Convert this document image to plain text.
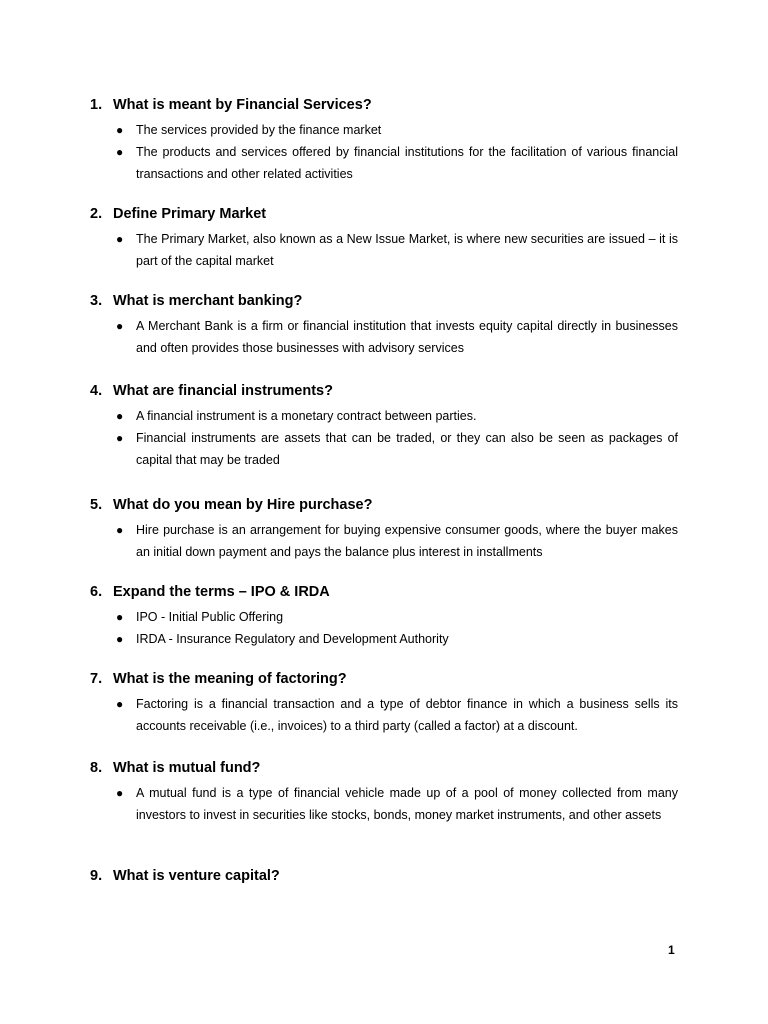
1. What is meant by Financial Services?
● The services provided by the finance market
● The products and services offered by financial institutions for the facilitation of various financial transactions and other related activities
2. Define Primary Market
● The Primary Market, also known as a New Issue Market, is where new securities are issued – it is part of the capital market
3. What is merchant banking?
● A Merchant Bank is a firm or financial institution that invests equity capital directly in businesses and often provides those businesses with advisory services
4. What are financial instruments?
● A financial instrument is a monetary contract between parties.
● Financial instruments are assets that can be traded, or they can also be seen as packages of capital that may be traded
5. What do you mean by Hire purchase?
● Hire purchase is an arrangement for buying expensive consumer goods, where the buyer makes an initial down payment and pays the balance plus interest in installments
6. Expand the terms – IPO & IRDA
● IPO - Initial Public Offering
● IRDA - Insurance Regulatory and Development Authority
7. What is the meaning of factoring?
● Factoring is a financial transaction and a type of debtor finance in which a business sells its accounts receivable (i.e., invoices) to a third party (called a factor) at a discount.
8. What is mutual fund?
● A mutual fund is a type of financial vehicle made up of a pool of money collected from many investors to invest in securities like stocks, bonds, money market instruments, and other assets
9. What is venture capital?
1
